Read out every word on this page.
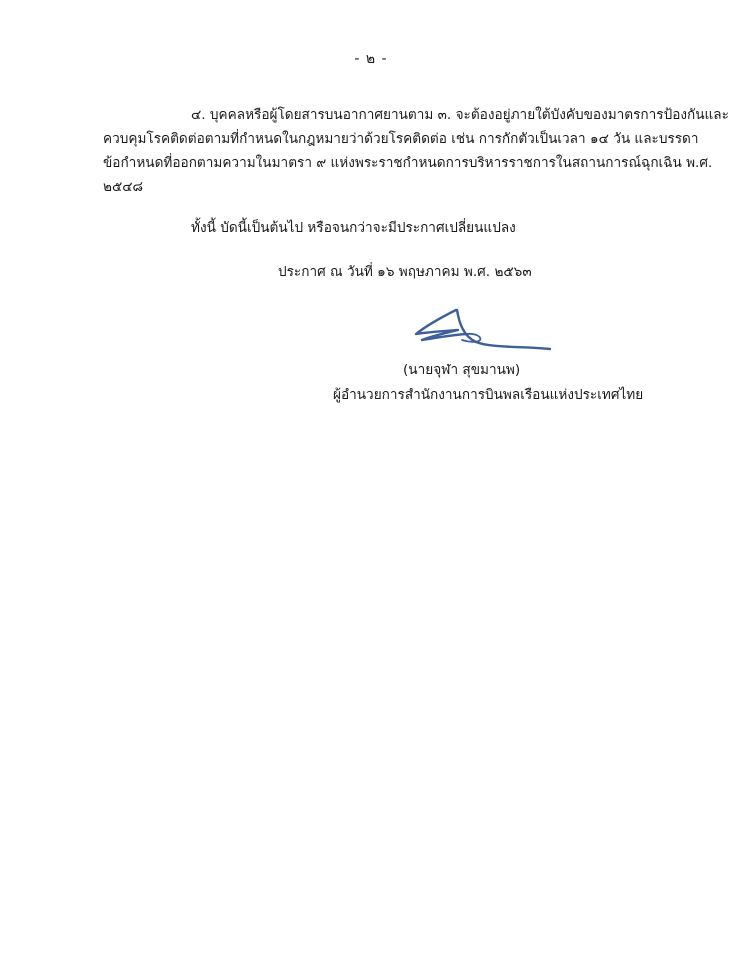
- ๒ -
๔. บุคคลหรือผู้โดยสารบนอากาศยานตาม ๓. จะต้องอยู่ภายใต้บังคับของมาตรการป้องกันและ
ควบคุมโรคติดต่อตามที่กำหนดในกฎหมายว่าด้วยโรคติดต่อ เช่น การกักตัวเป็นเวลา ๑๔ วัน และบรรดา
ข้อกำหนดที่ออกตามความในมาตรา ๙ แห่งพระราชกำหนดการบริหารราชการในสถานการณ์ฉุกเฉิน พ.ศ.
๒๕๔๘
ทั้งนี้ บัดนี้เป็นต้นไป หรือจนกว่าจะมีประกาศเปลี่ยนแปลง
ประกาศ ณ วันที่ ๑๖ พฤษภาคม พ.ศ. ๒๕๖๓
(นายจุฬา สุขมานพ)
ผู้อำนวยการสำนักงานการบินพลเรือนแห่งประเทศไทย
